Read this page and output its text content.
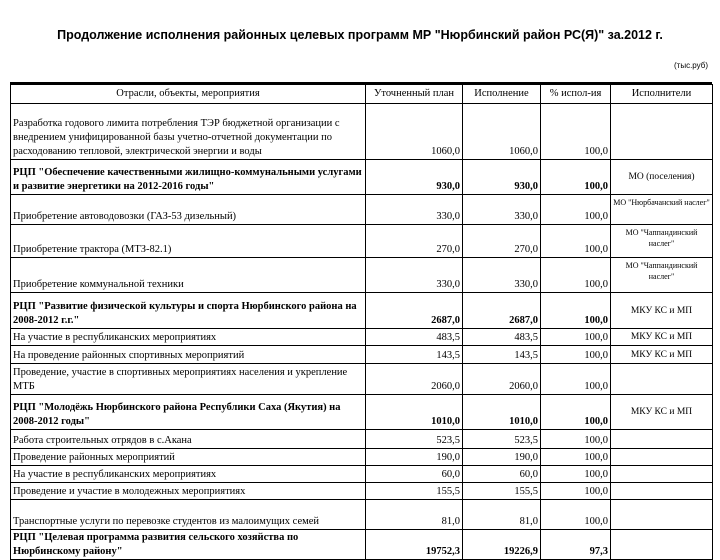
Продолжение исполнения районных целевых программ МР "Нюрбинский район РС(Я)" за.2012 г.
(тыс.руб)
Отрасли, объекты, мероприятия	Уточненный план	Исполнение	% испол-ия	Исполнители
Разработка годового лимита потребления ТЭР бюджетной организации с внедрением унифицированной базы учетно-отчетной документации по расходованию тепловой, электрической энергии и воды	1060,0	1060,0	100,0	
РЦП "Обеспечение качественными жилищно-коммунальными услугами и развитие энергетики на 2012-2016 годы"	930,0	930,0	100,0	МО (поселения)
Приобретение автоводовозки (ГАЗ-53 дизельный)	330,0	330,0	100,0	МО "Нюрбачанский наслег"
Приобретение трактора (МТЗ-82.1)	270,0	270,0	100,0	МО "Чаппандинский наслег"
Приобретение коммунальной техники	330,0	330,0	100,0	МО "Чаппандинский наслег"
РЦП "Развитие физической культуры и спорта Нюрбинского района на 2008-2012 г.г."	2687,0	2687,0	100,0	МКУ КС и МП
На участие в республиканских мероприятиях	483,5	483,5	100,0	МКУ КС и МП
На проведение районных спортивных мероприятий	143,5	143,5	100,0	МКУ КС и МП
Проведение, участие в спортивных мероприятиях населения и укрепление МТБ	2060,0	2060,0	100,0	
РЦП "Молодёжь Нюрбинского района Республики Саха (Якутия) на 2008-2012 годы"	1010,0	1010,0	100,0	МКУ КС и МП
Работа строительных отрядов в с.Акана	523,5	523,5	100,0	
Проведение районных мероприятий	190,0	190,0	100,0	
На участие в республиканских мероприятиях	60,0	60,0	100,0	
Проведение и участие в молодежных мероприятиях	155,5	155,5	100,0	
Транспортные услуги по перевозке студентов из малоимущих семей	81,0	81,0	100,0	
РЦП "Целевая программа развития сельского хозяйства по Нюрбинскому району"	19752,3	19226,9	97,3	
